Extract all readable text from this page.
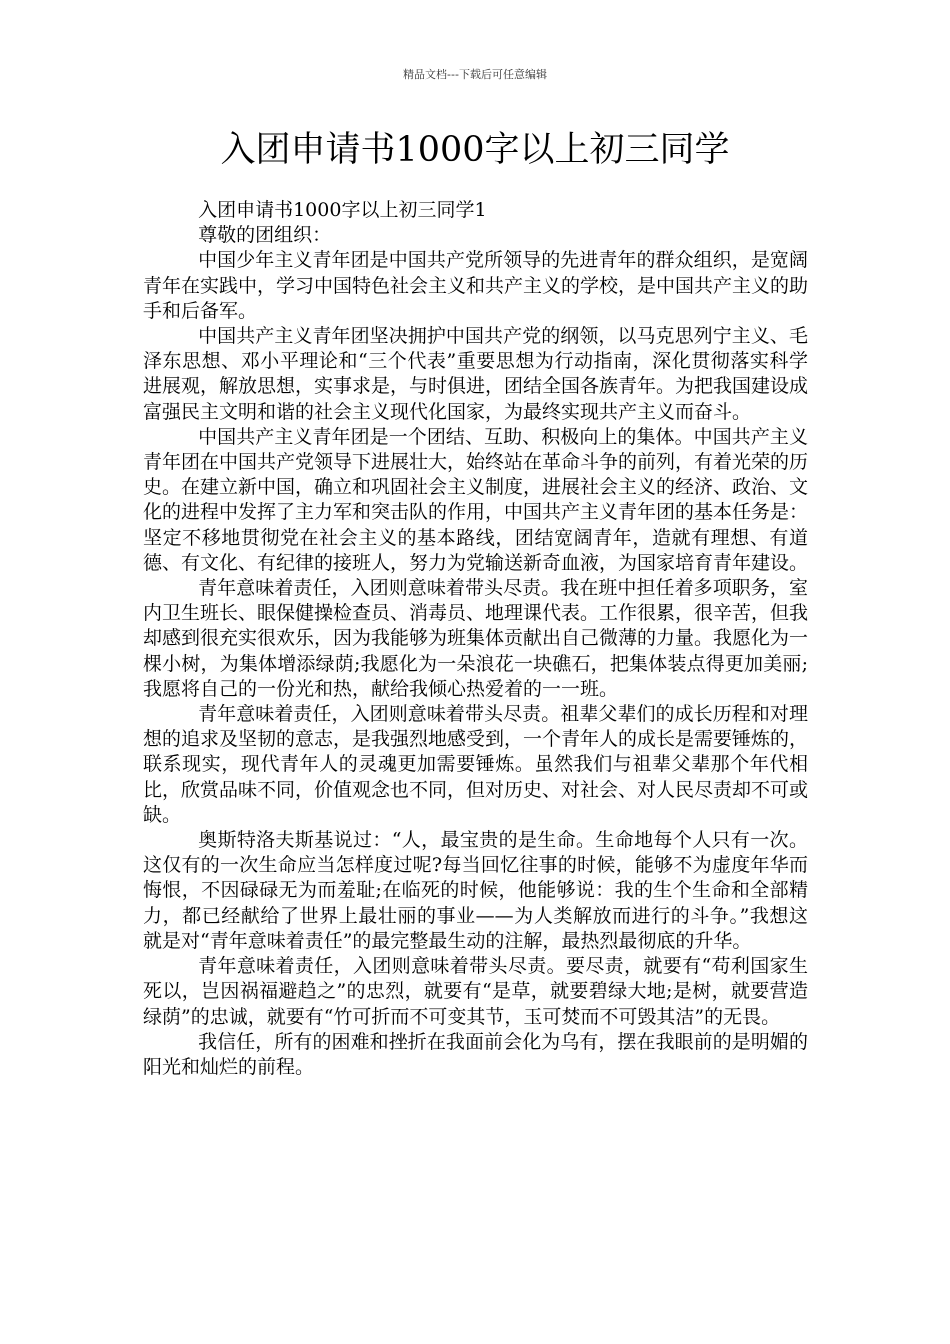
精品文档---下载后可任意编辑
入团申请书1000字以上初三同学

入团申请书1000字以上初三同学1

尊敬的团组织：

中国少年主义青年团是中国共产党所领导的先进青年的群众组织，是宽阔青年在实践中，学习中国特色社会主义和共产主义的学校，是中国共产主义的助手和后备军。

中国共产主义青年团坚决拥护中国共产党的纲领，以马克思列宁主义、毛泽东思想、邓小平理论和“三个代表”重要思想为行动指南，深化贯彻落实科学进展观，解放思想，实事求是，与时俱进，团结全国各族青年。为把我国建设成富强民主文明和谐的社会主义现代化国家，为最终实现共产主义而奋斗。

中国共产主义青年团是一个团结、互助、积极向上的集体。中国共产主义青年团在中国共产党领导下进展壮大，始终站在革命斗争的前列，有着光荣的历史。在建立新中国，确立和巩固社会主义制度，进展社会主义的经济、政治、文化的进程中发挥了主力军和突击队的作用，中国共产主义青年团的基本任务是：坚定不移地贯彻党在社会主义的基本路线，团结宽阔青年，造就有理想、有道德、有文化、有纪律的接班人，努力为党输送新奇血液，为国家培育青年建设。

青年意味着责任，入团则意味着带头尽责。我在班中担任着多项职务，室内卫生班长、眼保健操检查员、消毒员、地理课代表。工作很累，很辛苦，但我却感到很充实很欢乐，因为我能够为班集体贡献出自己微薄的力量。我愿化为一棵小树，为集体增添绿荫;我愿化为一朵浪花一块礁石，把集体装点得更加美丽;我愿将自己的一份光和热，献给我倾心热爱着的一一班。

青年意味着责任，入团则意味着带头尽责。祖辈父辈们的成长历程和对理想的追求及坚韧的意志，是我强烈地感受到，一个青年人的成长是需要锤炼的，联系现实，现代青年人的灵魂更加需要锤炼。虽然我们与祖辈父辈那个年代相比，欣赏品味不同，价值观念也不同，但对历史、对社会、对人民尽责却不可或缺。

奥斯特洛夫斯基说过：“人，最宝贵的是生命。生命地每个人只有一次。这仅有的一次生命应当怎样度过呢?每当回忆往事的时候，能够不为虚度年华而悔恨，不因碌碌无为而羞耻;在临死的时候，他能够说：我的生个生命和全部精力，都已经献给了世界上最壮丽的事业——为人类解放而进行的斗争。”我想这就是对“青年意味着责任”的最完整最生动的注解，最热烈最彻底的升华。

青年意味着责任，入团则意味着带头尽责。要尽责，就要有“苟利国家生死以，岂因祸福避趋之”的忠烈，就要有“是草，就要碧绿大地;是树，就要营造绿荫”的忠诚，就要有“竹可折而不可变其节，玉可焚而不可毁其洁”的无畏。

我信任，所有的困难和挫折在我面前会化为乌有，摆在我眼前的是明媚的阳光和灿烂的前程。
